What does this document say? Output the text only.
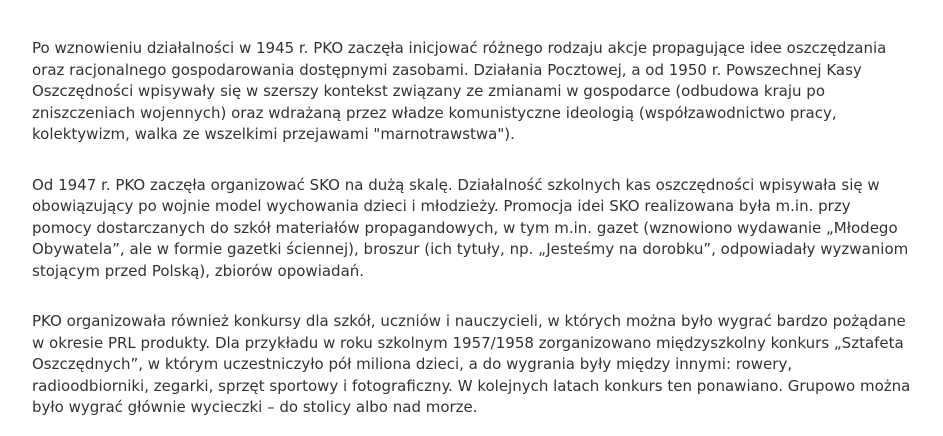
Po wznowieniu działalności w 1945 r. PKO zaczęła inicjować różnego rodzaju akcje propagujące idee oszczędzania oraz racjonalnego gospodarowania dostępnymi zasobami. Działania Pocztowej, a od 1950 r. Powszechnej Kasy Oszczędności wpisywały się w szerszy kontekst związany ze zmianami w gospodarce (odbudowa kraju po zniszczeniach wojennych) oraz wdrażaną przez władze komunistyczne ideologią (współzawodnictwo pracy, kolektywizm, walka ze wszelkimi przejawami "marnotrawstwa").

Od 1947 r. PKO zaczęła organizować SKO na dużą skalę. Działalność szkolnych kas oszczędności wpisywała się w obowiązujący po wojnie model wychowania dzieci i młodzieży. Promocja idei SKO realizowana była m.in. przy pomocy dostarczanych do szkół materiałów propagandowych, w tym m.in. gazet (wznowiono wydawanie „Młodego Obywatela”, ale w formie gazetki ściennej), broszur (ich tytuły, np. „Jesteśmy na dorobku”, odpowiadały wyzwaniom stojącym przed Polską), zbiorów opowiadań.

PKO organizowała również konkursy dla szkół, uczniów i nauczycieli, w których można było wygrać bardzo pożądane w okresie PRL produkty. Dla przykładu w roku szkolnym 1957/1958 zorganizowano międzyszkolny konkurs „Sztafeta Oszczędnych”, w którym uczestniczyło pół miliona dzieci, a do wygrania były między innymi: rowery, radioodbiorniki, zegarki, sprzęt sportowy i fotograficzny. W kolejnych latach konkurs ten ponawiano. Grupowo można było wygrać głównie wycieczki – do stolicy albo nad morze.
